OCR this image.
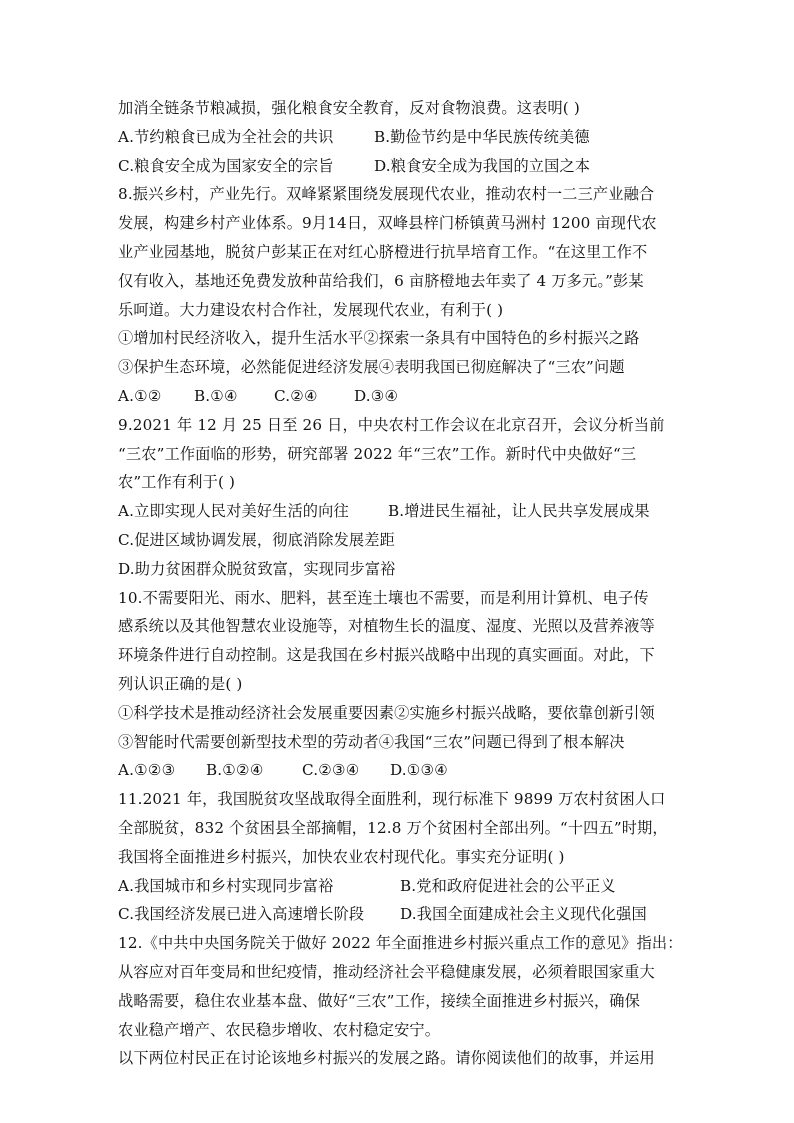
加消全链条节粮减损，强化粮食安全教育，反对食物浪费。这表明( )
A.节约粮食已成为全社会的共识	B.勤俭节约是中华民族传统美德
C.粮食安全成为国家安全的宗旨	D.粮食安全成为我国的立国之本
8.振兴乡村，产业先行。双峰紧紧围绕发展现代农业，推动农村一二三产业融合
发展，构建乡村产业体系。9月14日，双峰县梓门桥镇黄马洲村 1200 亩现代农
业产业园基地，脱贫户彭某正在对红心脐橙进行抗旱培育工作。“在这里工作不
仅有收入，基地还免费发放种苗给我们，6 亩脐橙地去年卖了 4 万多元。”彭某
乐呵道。大力建设农村合作社，发展现代农业，有利于( )
①增加村民经济收入，提升生活水平②探索一条具有中国特色的乡村振兴之路
③保护生态环境，必然能促进经济发展④表明我国已彻庭解决了“三农”问题
A.①② B.①④ C.②④ D.③④
9.2021 年 12 月 25 日至 26 日，中央农村工作会议在北京召开，会议分析当前
“三农”工作面临的形势，研究部署 2022 年“三农”工作。新时代中央做好“三
农”工作有利于( )
A.立即实现人民对美好生活的向往	B.增进民生福祉，让人民共享发展成果
C.促进区域协调发展，彻底消除发展差距
D.助力贫困群众脱贫致富，实现同步富裕
10.不需要阳光、雨水、肥料，甚至连土壤也不需要，而是利用计算机、电子传
感系统以及其他智慧农业设施等，对植物生长的温度、湿度、光照以及营养液等
环境条件进行自动控制。这是我国在乡村振兴战略中出现的真实画面。对此，下
列认识正确的是( )
①科学技术是推动经济社会发展重要因素②实施乡村振兴战略，要依靠创新引领
③智能时代需要创新型技术型的劳动者④我国“三农”问题已得到了根本解决
A.①②③ B.①②④	C.②③④ D.①③④
11.2021 年，我国脱贫攻坚战取得全面胜利，现行标准下 9899 万农村贫困人口
全部脱贫，832 个贫困县全部摘帽，12.8 万个贫困村全部出列。“十四五”时期，
我国将全面推进乡村振兴，加快农业农村现代化。事实充分证明( )
A.我国城市和乡村实现同步富裕	B.党和政府促进社会的公平正义
C.我国经济发展已进入高速增长阶段 D.我国全面建成社会主义现代化强国
12.《中共中央国务院关于做好 2022 年全面推进乡村振兴重点工作的意见》指出：
从容应对百年变局和世纪疫情，推动经济社会平稳健康发展，必须着眼国家重大
战略需要，稳住农业基本盘、做好“三农”工作，接续全面推进乡村振兴，确保
农业稳产增产、农民稳步增收、农村稳定安宁。
以下两位村民正在讨论该地乡村振兴的发展之路。请你阅读他们的故事，并运用
